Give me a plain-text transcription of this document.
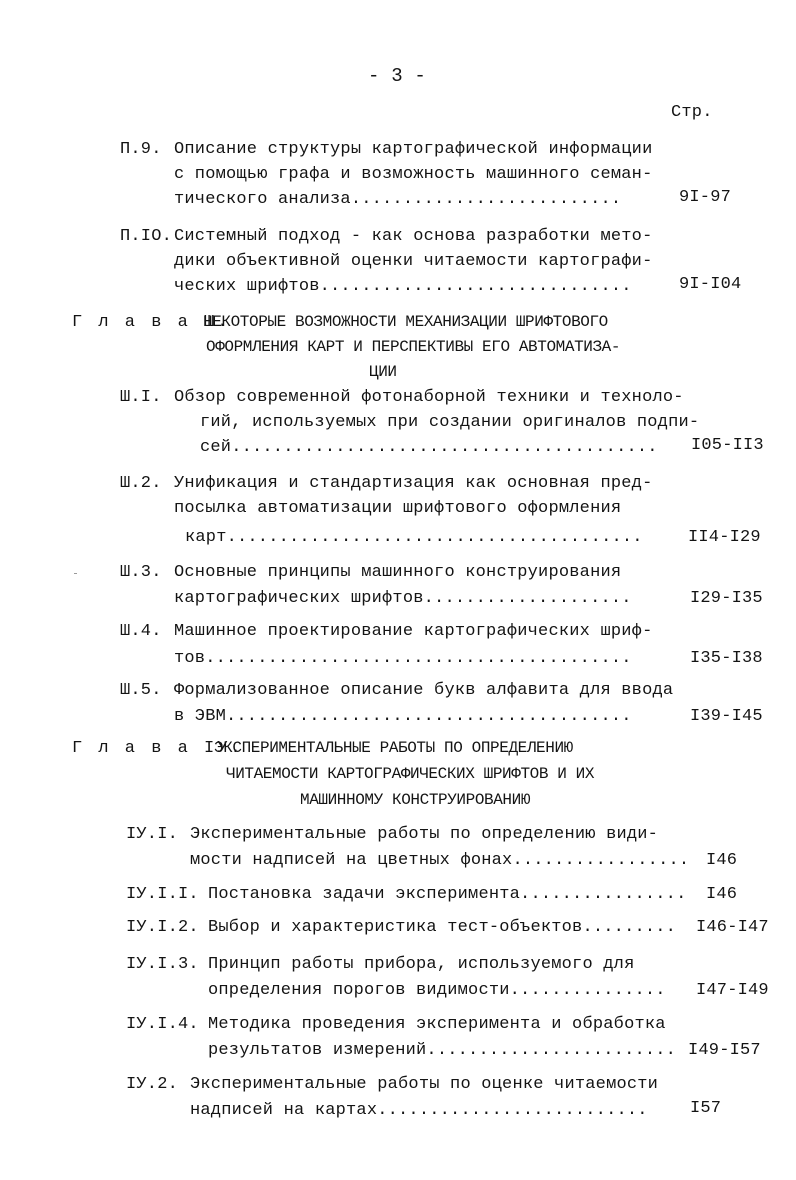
- 3 -
Стр.
П.9. Описание структуры картографической информации
с помощью графа и возможность машинного семан-
тического анализа..........................	9I-97
П.IО. Системный подход - как основа разработки мето-
дики объективной оценки читаемости картографи-
ческих шрифтов..............................	9I-I04
Г л а в а Ш.
НЕКОТОРЫЕ ВОЗМОЖНОСТИ МЕХАНИЗАЦИИ ШРИФТОВОГО
ОФОРМЛЕНИЯ КАРТ И ПЕРСПЕКТИВЫ ЕГО АВТОМАТИЗА-
ЦИИ
Ш.I. Обзор современной фотонаборной техники и техноло-
гий, используемых при создании оригиналов подпи-
сей......................................... I05-II3
Ш.2. Унификация и стандартизация как основная пред-
посылка автоматизации шрифтового оформления
карт........................................	II4-I29
Ш.3. Основные принципы машинного конструирования
картографических шрифтов....................	I29-I35
Ш.4. Машинное проектирование картографических шриф-
тов.........................................	I35-I38
Ш.5. Формализованное описание букв алфавита для ввода
в ЭВМ.......................................	I39-I45
Г л а в а IУ.
ЭКСПЕРИМЕНТАЛЬНЫЕ РАБОТЫ ПО ОПРЕДЕЛЕНИЮ
ЧИТАЕМОСТИ КАРТОГРАФИЧЕСКИХ ШРИФТОВ И ИХ
МАШИННОМУ КОНСТРУИРОВАНИЮ
IУ.I. Экспериментальные работы по определению види-
мости надписей на цветных фонах................. I46
IУ.I.I. Постановка задачи эксперимента................ I46
IУ.I.2. Выбор и характеристика тест-объектов......... I46-I47
IУ.I.3. Принцип работы прибора, используемого для
определения порогов видимости............... I47-I49
IУ.I.4. Методика проведения эксперимента и обработка
результатов измерений........................ I49-I57
IУ.2. Экспериментальные работы по оценке читаемости
надписей на картах.......................... I57
